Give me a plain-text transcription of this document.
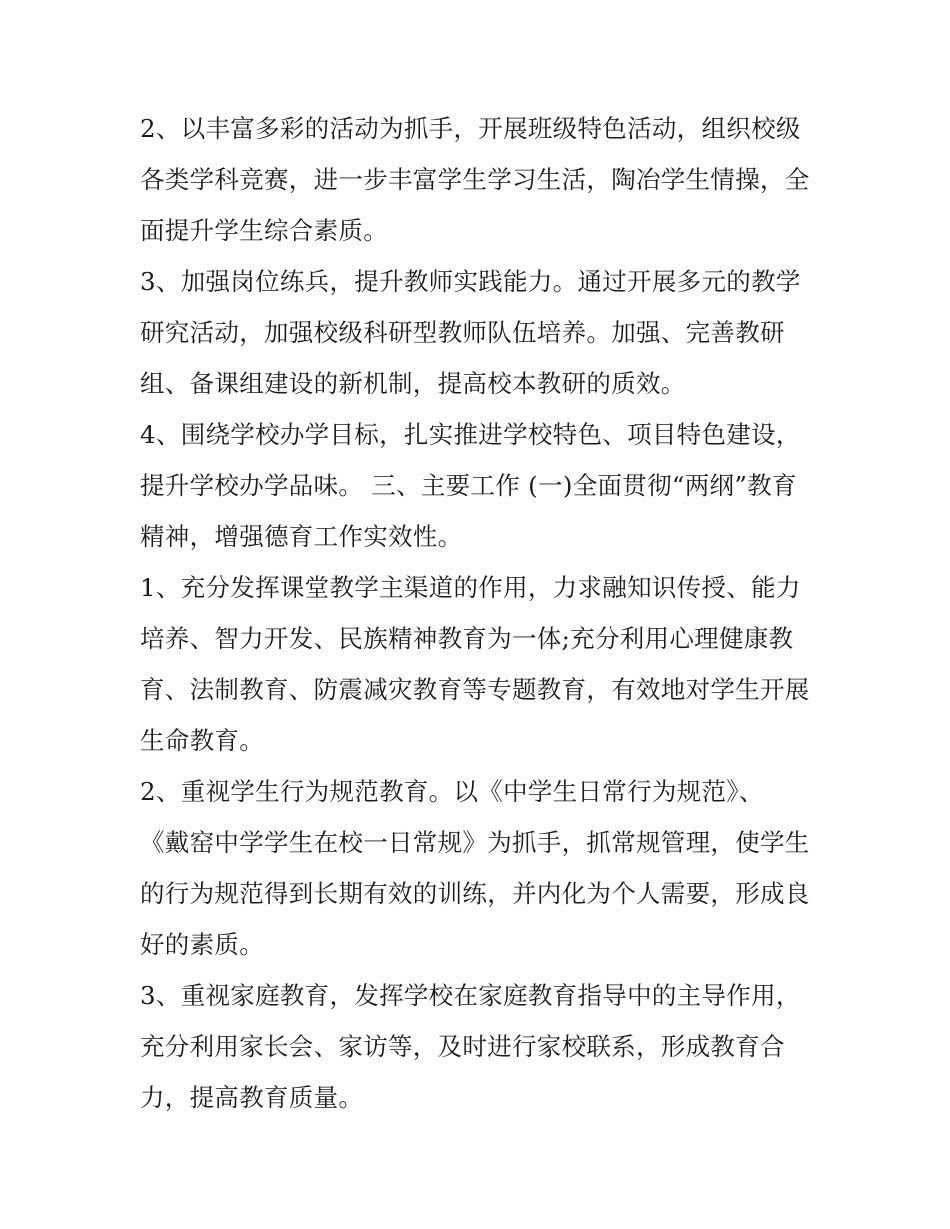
2、以丰富多彩的活动为抓手，开展班级特色活动，组织校级
各类学科竞赛，进一步丰富学生学习生活，陶冶学生情操，全
面提升学生综合素质。

3、加强岗位练兵，提升教师实践能力。通过开展多元的教学
研究活动，加强校级科研型教师队伍培养。加强、完善教研
组、备课组建设的新机制，提高校本教研的质效。

4、围绕学校办学目标，扎实推进学校特色、项目特色建设，
提升学校办学品味。 三、主要工作 (一)全面贯彻“两纲”教育
精神，增强德育工作实效性。

1、充分发挥课堂教学主渠道的作用，力求融知识传授、能力
培养、智力开发、民族精神教育为一体;充分利用心理健康教
育、法制教育、防震减灾教育等专题教育，有效地对学生开展
生命教育。

2、重视学生行为规范教育。以《中学生日常行为规范》、
《戴窑中学学生在校一日常规》为抓手，抓常规管理，使学生
的行为规范得到长期有效的训练，并内化为个人需要，形成良
好的素质。

3、重视家庭教育，发挥学校在家庭教育指导中的主导作用，
充分利用家长会、家访等，及时进行家校联系，形成教育合
力，提高教育质量。
